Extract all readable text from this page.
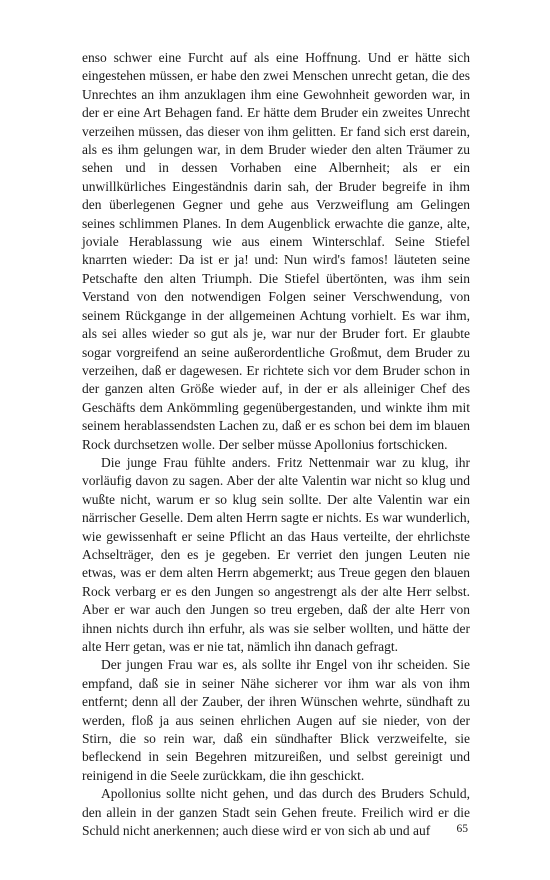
enso schwer eine Furcht auf als eine Hoffnung. Und er hätte sich eingestehen müssen, er habe den zwei Menschen unrecht getan, die des Unrechtes an ihm anzuklagen ihm eine Gewohnheit geworden war, in der er eine Art Behagen fand. Er hätte dem Bruder ein zweites Unrecht verzeihen müssen, das dieser von ihm gelitten. Er fand sich erst darein, als es ihm gelungen war, in dem Bruder wieder den alten Träumer zu sehen und in dessen Vorhaben eine Albernheit; als er ein unwillkürliches Eingeständnis darin sah, der Bruder begreife in ihm den überlegenen Gegner und gehe aus Verzweiflung am Gelingen seines schlimmen Planes. In dem Augenblick erwachte die ganze, alte, joviale Herablassung wie aus einem Winterschlaf. Seine Stiefel knarrten wieder: Da ist er ja! und: Nun wird's famos! läuteten seine Petschafte den alten Triumph. Die Stiefel übertönten, was ihm sein Verstand von den notwendigen Folgen seiner Verschwendung, von seinem Rückgange in der allgemeinen Achtung vorhielt. Es war ihm, als sei alles wieder so gut als je, war nur der Bruder fort. Er glaubte sogar vorgreifend an seine außerordentliche Großmut, dem Bruder zu verzeihen, daß er dagewesen. Er richtete sich vor dem Bruder schon in der ganzen alten Größe wieder auf, in der er als alleiniger Chef des Geschäfts dem Ankömmling gegenübergestanden, und winkte ihm mit seinem herablassendsten Lachen zu, daß er es schon bei dem im blauen Rock durchsetzen wolle. Der selber müsse Apollonius fortschicken.

Die junge Frau fühlte anders. Fritz Nettenmair war zu klug, ihr vorläufig davon zu sagen. Aber der alte Valentin war nicht so klug und wußte nicht, warum er so klug sein sollte. Der alte Valentin war ein närrischer Geselle. Dem alten Herrn sagte er nichts. Es war wunderlich, wie gewissenhaft er seine Pflicht an das Haus verteilte, der ehrlichste Achselträger, den es je gegeben. Er verriet den jungen Leuten nie etwas, was er dem alten Herrn abgemerkt; aus Treue gegen den blauen Rock verbarg er es den Jungen so angestrengt als der alte Herr selbst. Aber er war auch den Jungen so treu ergeben, daß der alte Herr von ihnen nichts durch ihn erfuhr, als was sie selber wollten, und hätte der alte Herr getan, was er nie tat, nämlich ihn danach gefragt.

Der jungen Frau war es, als sollte ihr Engel von ihr scheiden. Sie empfand, daß sie in seiner Nähe sicherer vor ihm war als von ihm entfernt; denn all der Zauber, der ihren Wünschen wehrte, sündhaft zu werden, floß ja aus seinen ehrlichen Augen auf sie nieder, von der Stirn, die so rein war, daß ein sündhafter Blick verzweifelte, sie befleckend in sein Begehren mitzureißen, und selbst gereinigt und reinigend in die Seele zurückkam, die ihn geschickt.

Apollonius sollte nicht gehen, und das durch des Bruders Schuld, den allein in der ganzen Stadt sein Gehen freute. Freilich wird er die Schuld nicht anerkennen; auch diese wird er von sich ab und auf	65
